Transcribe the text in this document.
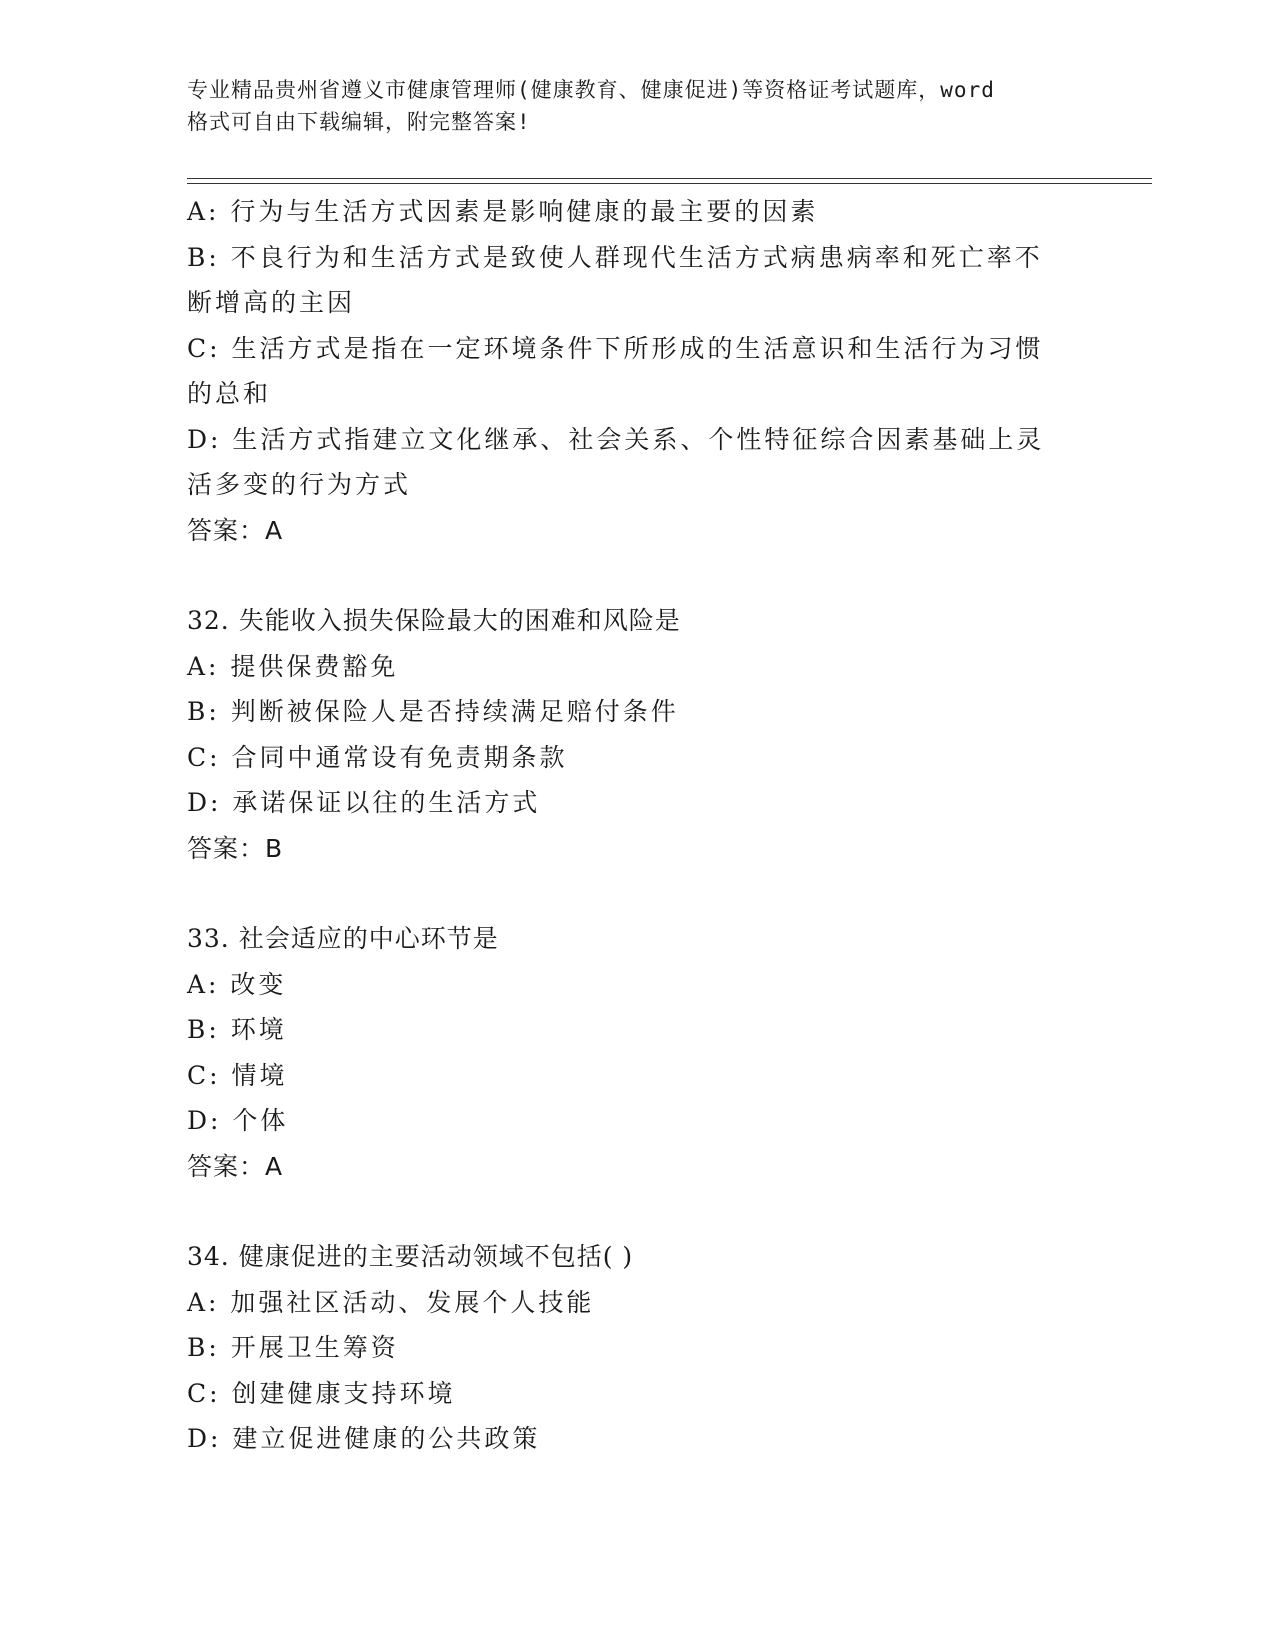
专业精品贵州省遵义市健康管理师(健康教育、健康促进)等资格证考试题库，word
格式可自由下载编辑，附完整答案!
A: 行为与生活方式因素是影响健康的最主要的因素
B: 不良行为和生活方式是致使人群现代生活方式病患病率和死亡率不
断增高的主因
C: 生活方式是指在一定环境条件下所形成的生活意识和生活行为习惯
的总和
D: 生活方式指建立文化继承、社会关系、个性特征综合因素基础上灵
活多变的行为方式
答案：A
32. 失能收入损失保险最大的困难和风险是
A: 提供保费豁免
B: 判断被保险人是否持续满足赔付条件
C: 合同中通常设有免责期条款
D: 承诺保证以往的生活方式
答案：B
33. 社会适应的中心环节是
A: 改变
B: 环境
C: 情境
D: 个体
答案：A
34. 健康促进的主要活动领域不包括( )
A: 加强社区活动、发展个人技能
B: 开展卫生筹资
C: 创建健康支持环境
D: 建立促进健康的公共政策
